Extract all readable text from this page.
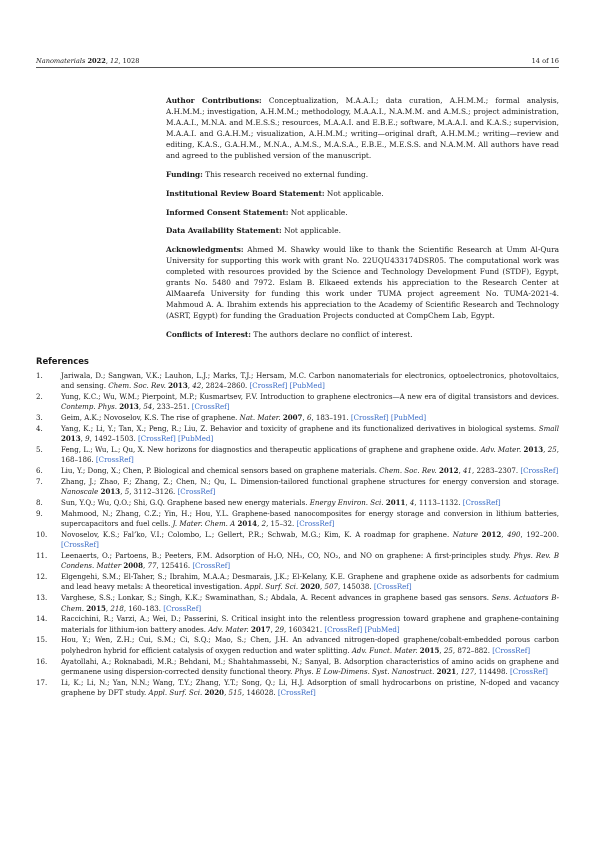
Nanomaterials 2022, 12, 1028	14 of 16

Author Contributions: Conceptualization, M.A.A.I.; data curation, A.H.M.M.; formal analysis, A.H.M.M.; investigation, A.H.M.M.; methodology, M.A.A.I., N.A.M.M. and A.M.S.; project administration, M.A.A.I., M.N.A. and M.E.S.S.; resources, M.A.A.I. and E.B.E.; software, M.A.A.I. and K.A.S.; supervision, M.A.A.I. and G.A.H.M.; visualization, A.H.M.M.; writing—original draft, A.H.M.M.; writing—review and editing, K.A.S., G.A.H.M., M.N.A., A.M.S., M.A.S.A., E.B.E., M.E.S.S. and N.A.M.M. All authors have read and agreed to the published version of the manuscript.

Funding: This research received no external funding.

Institutional Review Board Statement: Not applicable.

Informed Consent Statement: Not applicable.

Data Availability Statement: Not applicable.

Acknowledgments: Ahmed M. Shawky would like to thank the Scientific Research at Umm Al-Qura University for supporting this work with grant No. 22UQU433174DSR05. The computational work was completed with resources provided by the Science and Technology Development Fund (STDF), Egypt, grants No. 5480 and 7972. Eslam B. Elkaeed extends his appreciation to the Research Center at AlMaarefa University for funding this work under TUMA project agreement No. TUMA-2021-4. Mahmoud A. A. Ibrahim extends his appreciation to the Academy of Scientific Research and Technology (ASRT, Egypt) for funding the Graduation Projects conducted at CompChem Lab, Egypt.

Conflicts of Interest: The authors declare no conflict of interest.

References
1.	Jariwala, D.; Sangwan, V.K.; Lauhon, L.J.; Marks, T.J.; Hersam, M.C. Carbon nanomaterials for electronics, optoelectronics, photovoltaics, and sensing. Chem. Soc. Rev. 2013, 42, 2824–2860. [CrossRef] [PubMed]
2.	Yung, K.C.; Wu, W.M.; Pierpoint, M.P.; Kusmartsev, F.V. Introduction to graphene electronics—A new era of digital transistors and devices. Contemp. Phys. 2013, 54, 233–251. [CrossRef]
3.	Geim, A.K.; Novoselov, K.S. The rise of graphene. Nat. Mater. 2007, 6, 183–191. [CrossRef] [PubMed]
4.	Yang, K.; Li, Y.; Tan, X.; Peng, R.; Liu, Z. Behavior and toxicity of graphene and its functionalized derivatives in biological systems. Small 2013, 9, 1492–1503. [CrossRef] [PubMed]
5.	Feng, L.; Wu, L.; Qu, X. New horizons for diagnostics and therapeutic applications of graphene and graphene oxide. Adv. Mater. 2013, 25, 168–186. [CrossRef]
6.	Liu, Y.; Dong, X.; Chen, P. Biological and chemical sensors based on graphene materials. Chem. Soc. Rev. 2012, 41, 2283–2307. [CrossRef]
7.	Zhang, J.; Zhao, F.; Zhang, Z.; Chen, N.; Qu, L. Dimension-tailored functional graphene structures for energy conversion and storage. Nanoscale 2013, 5, 3112–3126. [CrossRef]
8.	Sun, Y.Q.; Wu, Q.O.; Shi, G.Q. Graphene based new energy materials. Energy Environ. Sci. 2011, 4, 1113–1132. [CrossRef]
9.	Mahmood, N.; Zhang, C.Z.; Yin, H.; Hou, Y.L. Graphene-based nanocomposites for energy storage and conversion in lithium batteries, supercapacitors and fuel cells. J. Mater. Chem. A 2014, 2, 15–32. [CrossRef]
10. Novoselov, K.S.; Fal’ko, V.I.; Colombo, L.; Gellert, P.R.; Schwab, M.G.; Kim, K. A roadmap for graphene. Nature 2012, 490, 192–200. [CrossRef]
11. Leenaerts, O.; Partoens, B.; Peeters, F.M. Adsorption of H₂O, NH₃, CO, NO₂, and NO on graphene: A first-principles study. Phys. Rev. B Condens. Matter 2008, 77, 125416. [CrossRef]
12. Elgengehi, S.M.; El-Taher, S.; Ibrahim, M.A.A.; Desmarais, J.K.; El-Kelany, K.E. Graphene and graphene oxide as adsorbents for cadmium and lead heavy metals: A theoretical investigation. Appl. Surf. Sci. 2020, 507, 145038. [CrossRef]
13. Varghese, S.S.; Lonkar, S.; Singh, K.K.; Swaminathan, S.; Abdala, A. Recent advances in graphene based gas sensors. Sens. Actuators B-Chem. 2015, 218, 160–183. [CrossRef]
14. Raccichini, R.; Varzi, A.; Wei, D.; Passerini, S. Critical insight into the relentless progression toward graphene and graphene-containing materials for lithium-ion battery anodes. Adv. Mater. 2017, 29, 1603421. [CrossRef] [PubMed]
15. Hou, Y.; Wen, Z.H.; Cui, S.M.; Ci, S.Q.; Mao, S.; Chen, J.H. An advanced nitrogen-doped graphene/cobalt-embedded porous carbon polyhedron hybrid for efficient catalysis of oxygen reduction and water splitting. Adv. Funct. Mater. 2015, 25, 872–882. [CrossRef]
16. Ayatollahi, A.; Roknabadi, M.R.; Behdani, M.; Shahtahmassebi, N.; Sanyal, B. Adsorption characteristics of amino acids on graphene and germanene using dispersion-corrected density functional theory. Phys. E Low-Dimens. Syst. Nanostruct. 2021, 127, 114498. [CrossRef]
17. Li, K.; Li, N.; Yan, N.N.; Wang, T.Y.; Zhang, Y.T.; Song, Q.; Li, H.J. Adsorption of small hydrocarbons on pristine, N-doped and vacancy graphene by DFT study. Appl. Surf. Sci. 2020, 515, 146028. [CrossRef]
